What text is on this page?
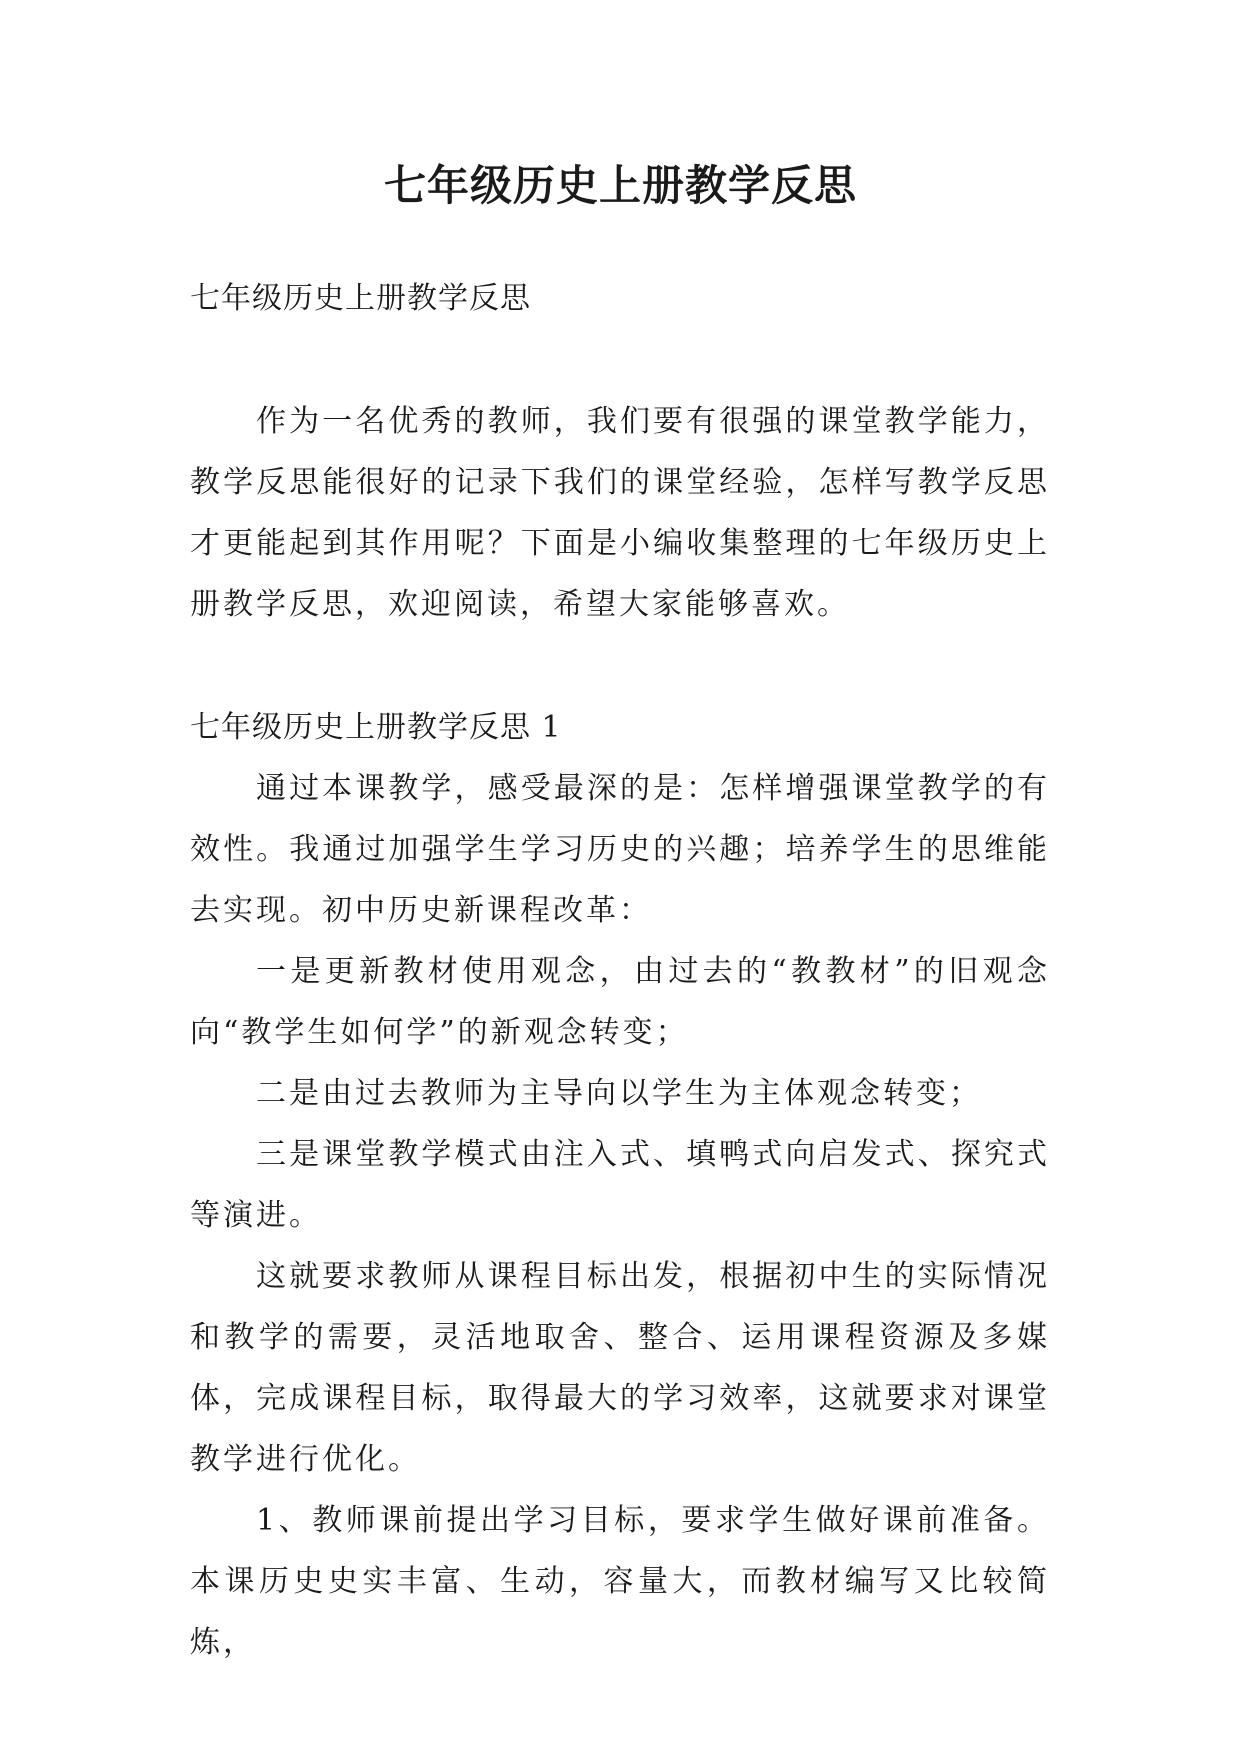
七年级历史上册教学反思

七年级历史上册教学反思

作为一名优秀的教师，我们要有很强的课堂教学能力，教学反思能很好的记录下我们的课堂经验，怎样写教学反思才更能起到其作用呢？下面是小编收集整理的七年级历史上册教学反思，欢迎阅读，希望大家能够喜欢。

七年级历史上册教学反思 1

通过本课教学，感受最深的是：怎样增强课堂教学的有效性。我通过加强学生学习历史的兴趣；培养学生的思维能去实现。初中历史新课程改革：

一是更新教材使用观念，由过去的“教教材”的旧观念向“教学生如何学”的新观念转变；

二是由过去教师为主导向以学生为主体观念转变；

三是课堂教学模式由注入式、填鸭式向启发式、探究式等演进。

这就要求教师从课程目标出发，根据初中生的实际情况和教学的需要，灵活地取舍、整合、运用课程资源及多媒体，完成课程目标，取得最大的学习效率，这就要求对课堂教学进行优化。

1、教师课前提出学习目标，要求学生做好课前准备。本课历史史实丰富、生动，容量大，而教材编写又比较简炼，
